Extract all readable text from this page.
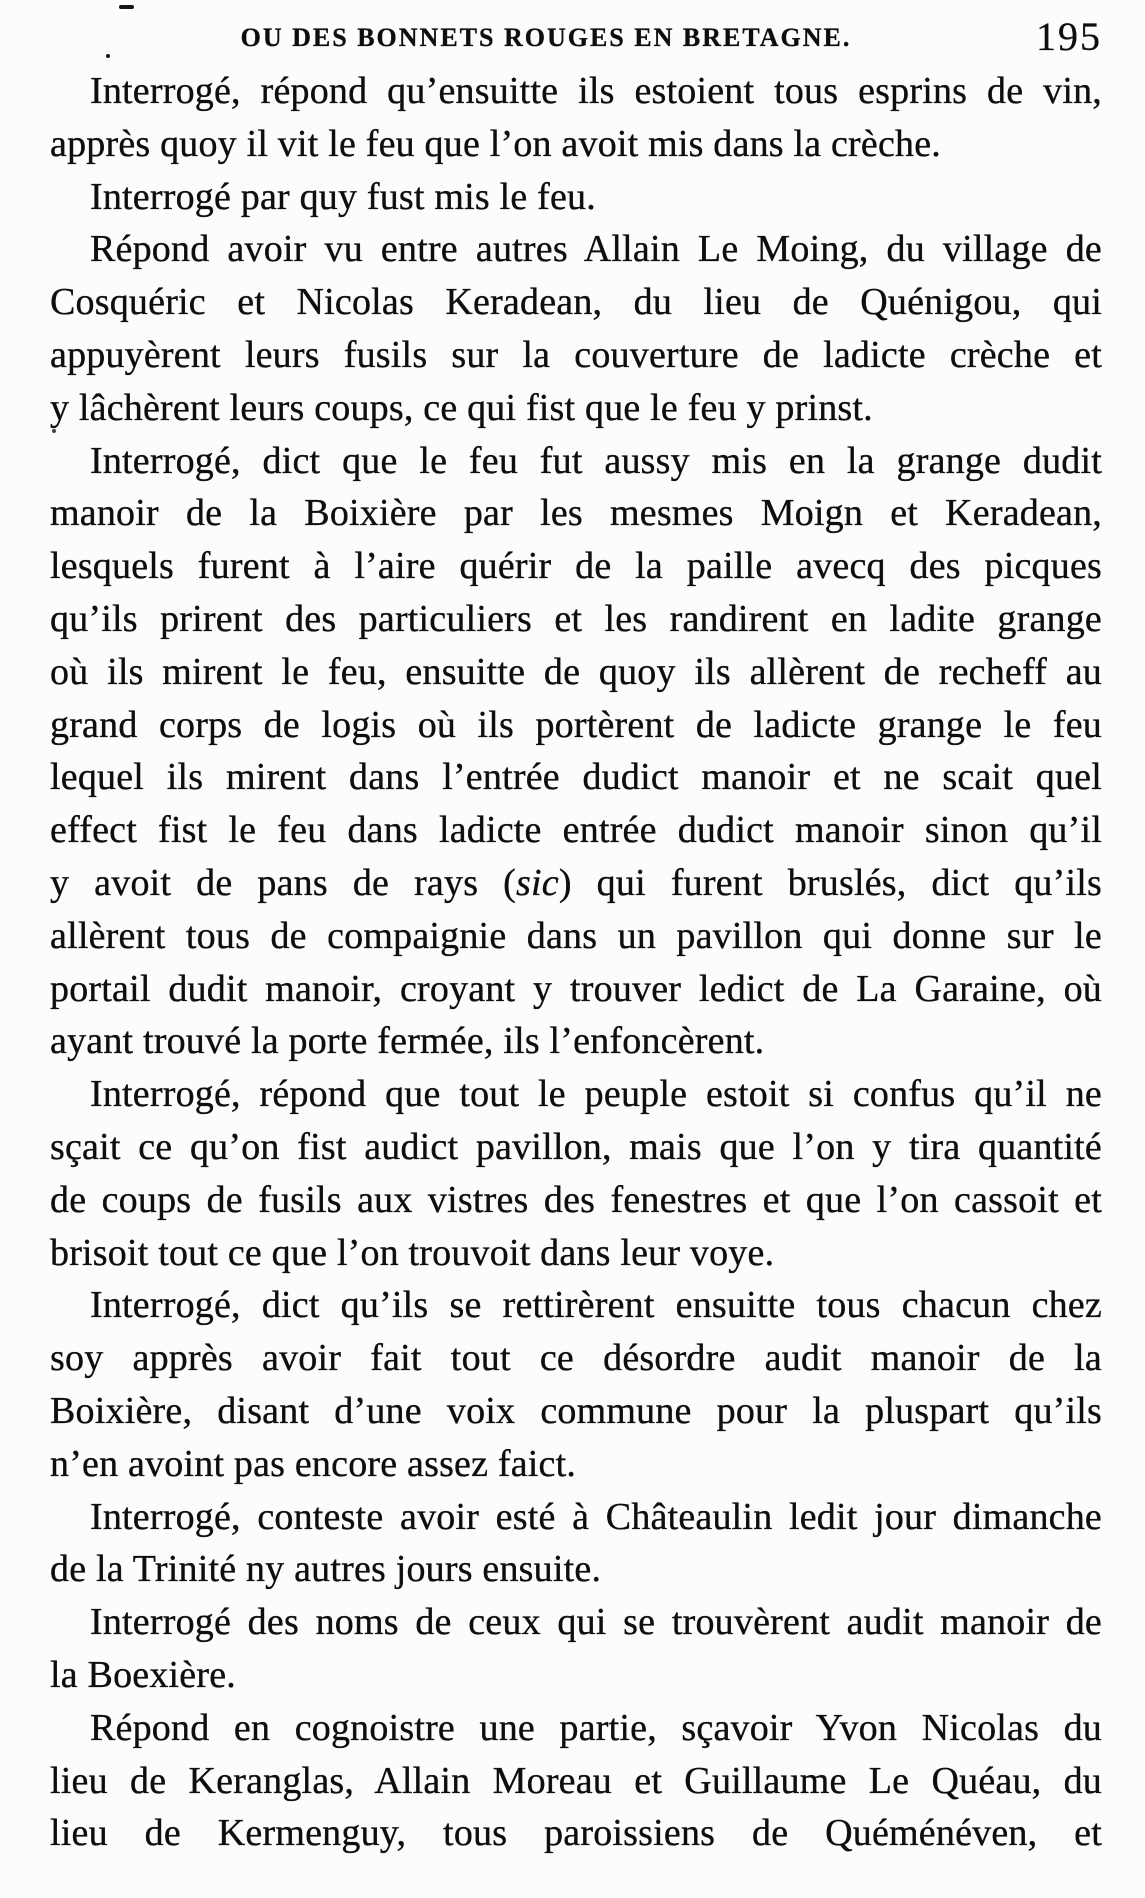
OU DES BONNETS ROUGES EN BRETAGNE.	195
Interrogé, répond qu’ensuitte ils estoient tous esprins de vin,
apprès quoy il vit le feu que l’on avoit mis dans la crèche.
Interrogé par quy fust mis le feu.
Répond avoir vu entre autres Allain Le Moing, du village de
Cosquéric et Nicolas Keradean, du lieu de Quénigou, qui
appuyèrent leurs fusils sur la couverture de ladicte crèche et
y lâchèrent leurs coups, ce qui fist que le feu y prinst.
Interrogé, dict que le feu fut aussy mis en la grange dudit
manoir de la Boixière par les mesmes Moign et Keradean,
lesquels furent à l’aire quérir de la paille avecq des picques
qu’ils prirent des particuliers et les randirent en ladite grange
où ils mirent le feu, ensuitte de quoy ils allèrent de recheff au
grand corps de logis où ils portèrent de ladicte grange le feu
lequel ils mirent dans l’entrée dudict manoir et ne scait quel
effect fist le feu dans ladicte entrée dudict manoir sinon qu’il
y avoit de pans de rays (sic) qui furent bruslés, dict qu’ils
allèrent tous de compaignie dans un pavillon qui donne sur le
portail dudit manoir, croyant y trouver ledict de La Garaine, où
ayant trouvé la porte fermée, ils l’enfoncèrent.
Interrogé, répond que tout le peuple estoit si confus qu’il ne
sçait ce qu’on fist audict pavillon, mais que l’on y tira quantité
de coups de fusils aux vistres des fenestres et que l’on cassoit et
brisoit tout ce que l’on trouvoit dans leur voye.
Interrogé, dict qu’ils se rettirèrent ensuitte tous chacun chez
soy apprès avoir fait tout ce désordre audit manoir de la
Boixière, disant d’une voix commune pour la pluspart qu’ils
n’en avoint pas encore assez faict.
Interrogé, conteste avoir esté à Châteaulin ledit jour dimanche
de la Trinité ny autres jours ensuite.
Interrogé des noms de ceux qui se trouvèrent audit manoir de
la Boexière.
Répond en cognoistre une partie, sçavoir Yvon Nicolas du
lieu de Keranglas, Allain Moreau et Guillaume Le Quéau, du
lieu de Kermenguy, tous paroissiens de Quéménéven, et
